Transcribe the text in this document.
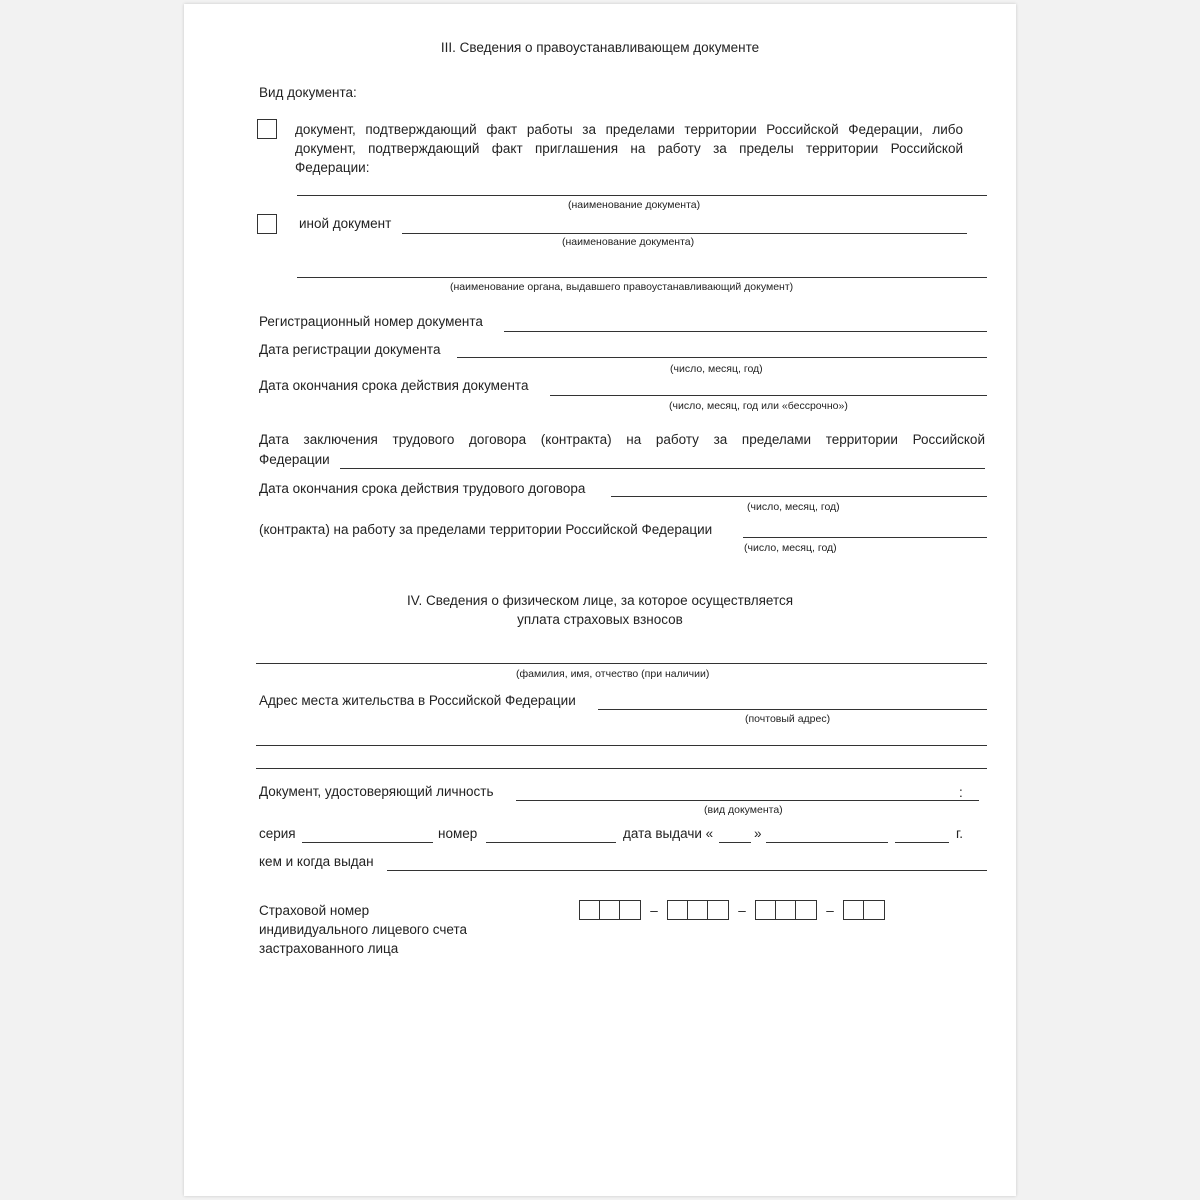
III. Сведения о правоустанавливающем документе
Вид документа:
документ, подтверждающий факт работы за пределами территории Российской Федерации, либо документ, подтверждающий факт приглашения на работу за пределы территории Российской Федерации:
(наименование документа)
иной документ
(наименование документа)
(наименование органа, выдавшего правоустанавливающий документ)
Регистрационный номер документа
Дата регистрации документа
(число, месяц, год)
Дата окончания срока действия документа
(число, месяц, год или «бессрочно»)
Дата заключения трудового договора (контракта) на работу за пределами территории Российской
Федерации
Дата окончания срока действия трудового договора
(число, месяц, год)
(контракта) на работу за пределами территории Российской Федерации
(число, месяц, год)
IV. Сведения о физическом лице, за которое осуществляется
уплата страховых взносов
(фамилия, имя, отчество (при наличии)
Адрес места жительства в Российской Федерации
(почтовый адрес)
Документ, удостоверяющий личность	:
(вид документа)
серия	номер	дата выдачи «	»	г.
кем и когда выдан
Страховой номер
индивидуального лицевого счета
застрахованного лица
–	–	–
